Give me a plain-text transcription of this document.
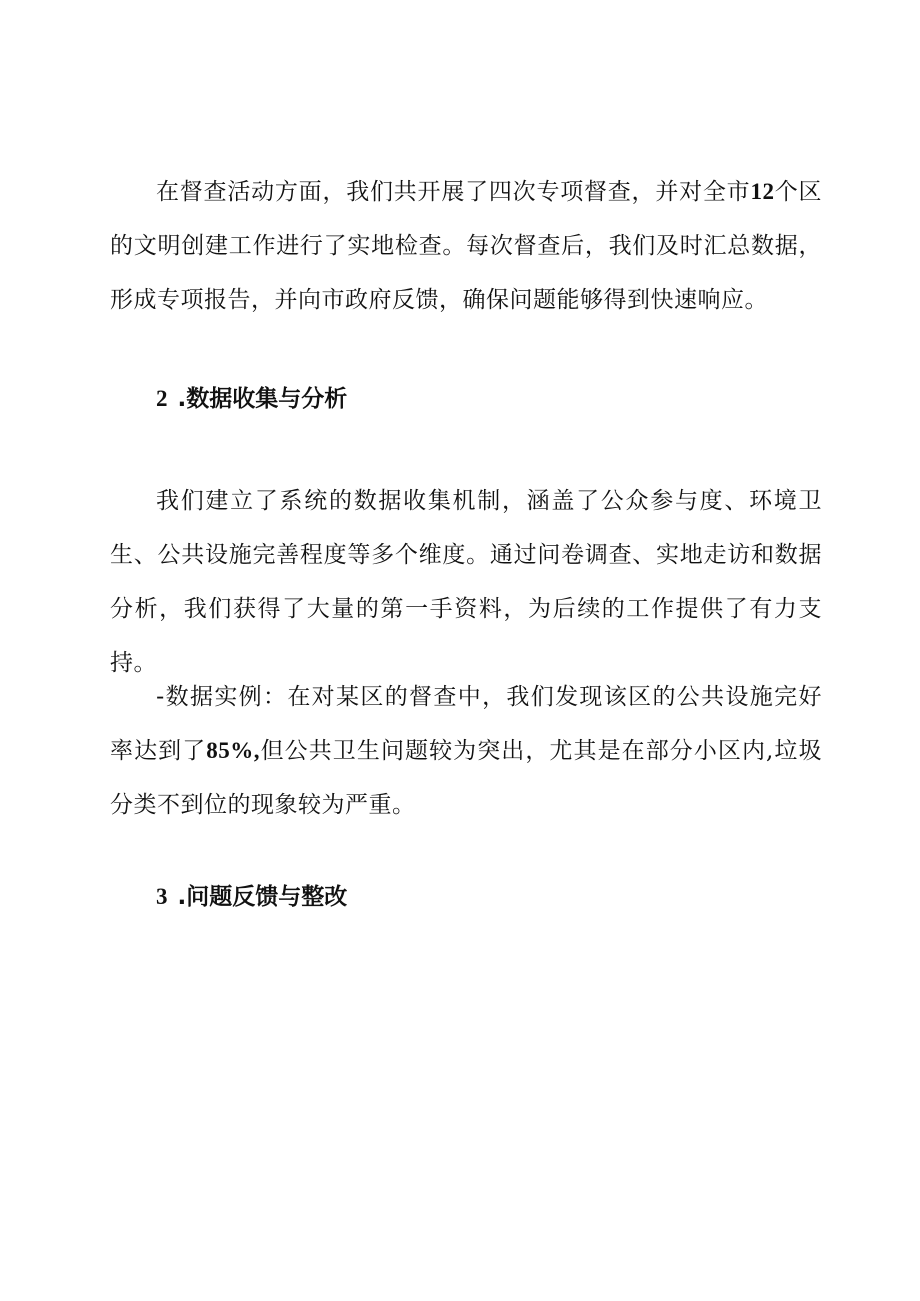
在督查活动方面，我们共开展了四次专项督查，并对全市12个区的文明创建工作进行了实地检查。每次督查后，我们及时汇总数据，形成专项报告，并向市政府反馈，确保问题能够得到快速响应。

2 .数据收集与分析

我们建立了系统的数据收集机制，涵盖了公众参与度、环境卫生、公共设施完善程度等多个维度。通过问卷调查、实地走访和数据分析，我们获得了大量的第一手资料，为后续的工作提供了有力支持。

-数据实例：在对某区的督查中，我们发现该区的公共设施完好率达到了85%,但公共卫生问题较为突出，尤其是在部分小区内,垃圾分类不到位的现象较为严重。

3 .问题反馈与整改
